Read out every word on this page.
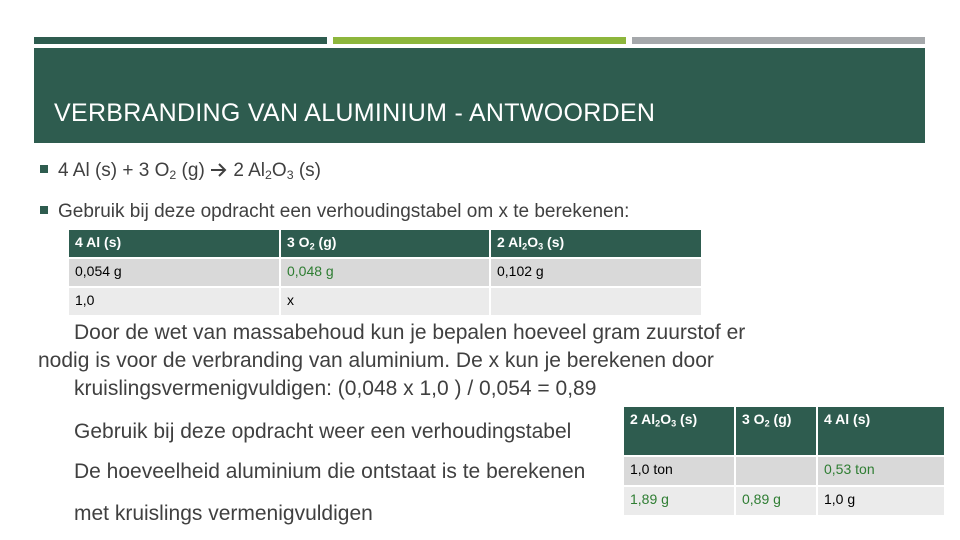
VERBRANDING VAN ALUMINIUM - ANTWOORDEN
4 Al (s) + 3 $O_2$ (g)  2 $Al_2O_3$ (s)
Gebruik bij deze opdracht een verhoudingstabel om x te berekenen:
4 Al (s)	3 $O_2$ (g)	2 $Al_2O_3$ (s)
0,054 g	0,048 g	0,102 g
1,0	x	
Door de wet van massabehoud kun je bepalen hoeveel gram zuurstof er
nodig is voor de verbranding van aluminium. De x kun je berekenen door
kruislingsvermenigvuldigen: (0,048 x 1,0 ) / 0,054 = 0,89
Gebruik bij deze opdracht weer een verhoudingstabel
De hoeveelheid aluminium die ontstaat is te berekenen
met kruislings vermenigvuldigen
2 $Al_2O_3$ (s)	3 $O_2$ (g)	4 Al (s)
1,0 ton		0,53 ton
1,89 g	0,89 g	1,0 g
